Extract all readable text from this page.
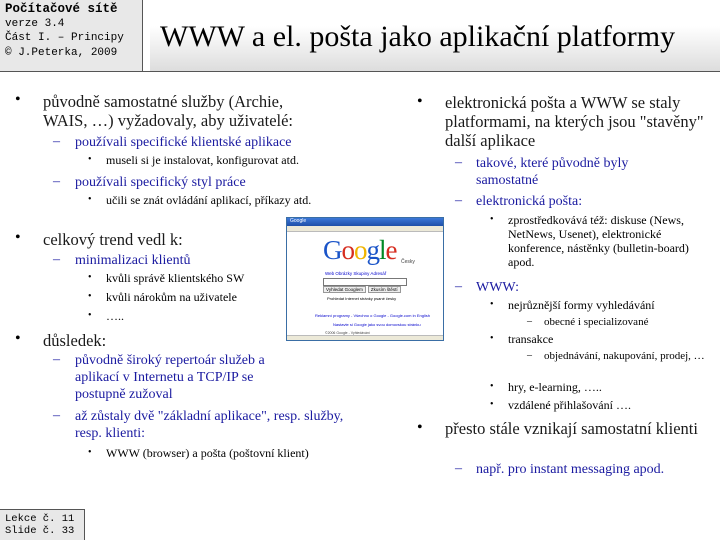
Počítačové sítě
verze 3.4
Část I. – Principy
© J.Peterka, 2009	WWW a el. pošta jako aplikační platformy
• původně samostatné služby (Archie, WAIS, …) vyžadovaly, aby uživatelé:
– používali specifické klientské aplikace
• museli si je instalovat, konfigurovat atd.
– používali specifický styl práce
• učili se znát ovládání aplikací, příkazy atd.
• celkový trend vedl k:
– minimalizaci klientů
• kvůli správě klientského SW
• kvůli nárokům na uživatele
• …..
• důsledek:
– původně široký repertoár služeb a aplikací v Internetu a TCP/IP se postupně zužoval
– až zůstaly dvě "základní aplikace", resp. služby, resp. klienti:
• WWW (browser) a pošta (poštovní klient)
$^{Google}$
Google Česky
Web Obrázky Skupiny Adresář
Vyhledat Googlem Zkusím štěstí
Prohledat Internet stránky psané česky
Reklamní programy - Všechno o Google - Google.com in English
Nastavte si Google jako svou domovskou stránku
©2006 Google - Vyhledávání
• elektronická pošta a WWW se staly platformami, na kterých jsou "stavěny" další aplikace
– takové, které původně byly samostatné
– elektronická pošta:
• zprostředkovává též: diskuse (News, NetNews, Usenet), elektronické konference, nástěnky (bulletin-board) apod.
– WWW:
• nejrůznější formy vyhledávání
– obecné i specializované
• transakce
– objednávání, nakupování, prodej, …
• hry, e-learning, …..
• vzdálené přihlašování ….
• přesto stále vznikají samostatní klienti
– např. pro instant messaging apod.
Lekce č. 11
Slide č. 33
